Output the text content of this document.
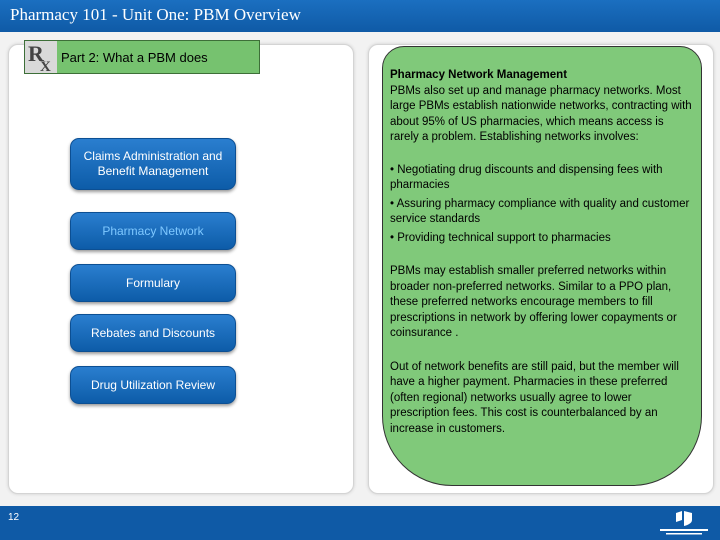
Pharmacy 101 - Unit One: PBM Overview
R
X
Part 2: What a PBM does
Claims Administration and Benefit Management
Pharmacy Network
Formulary
Rebates and Discounts
Drug Utilization Review

Pharmacy Network Management

PBMs also set up and manage pharmacy networks. Most large PBMs establish nationwide networks, contracting with about 95% of US pharmacies, which means access is rarely a problem. Establishing networks involves:

• Negotiating drug discounts and dispensing fees with pharmacies

• Assuring pharmacy compliance with quality and customer service standards

• Providing technical support to pharmacies

PBMs may establish smaller preferred networks within broader non-preferred networks. Similar to a PPO plan, these preferred networks encourage members to fill prescriptions in network by offering lower copayments or coinsurance .

Out of network benefits are still paid, but the member will have a higher payment. Pharmacies in these preferred (often regional) networks usually agree to lower prescription fees. This cost is counterbalanced by an increase in customers.

12
